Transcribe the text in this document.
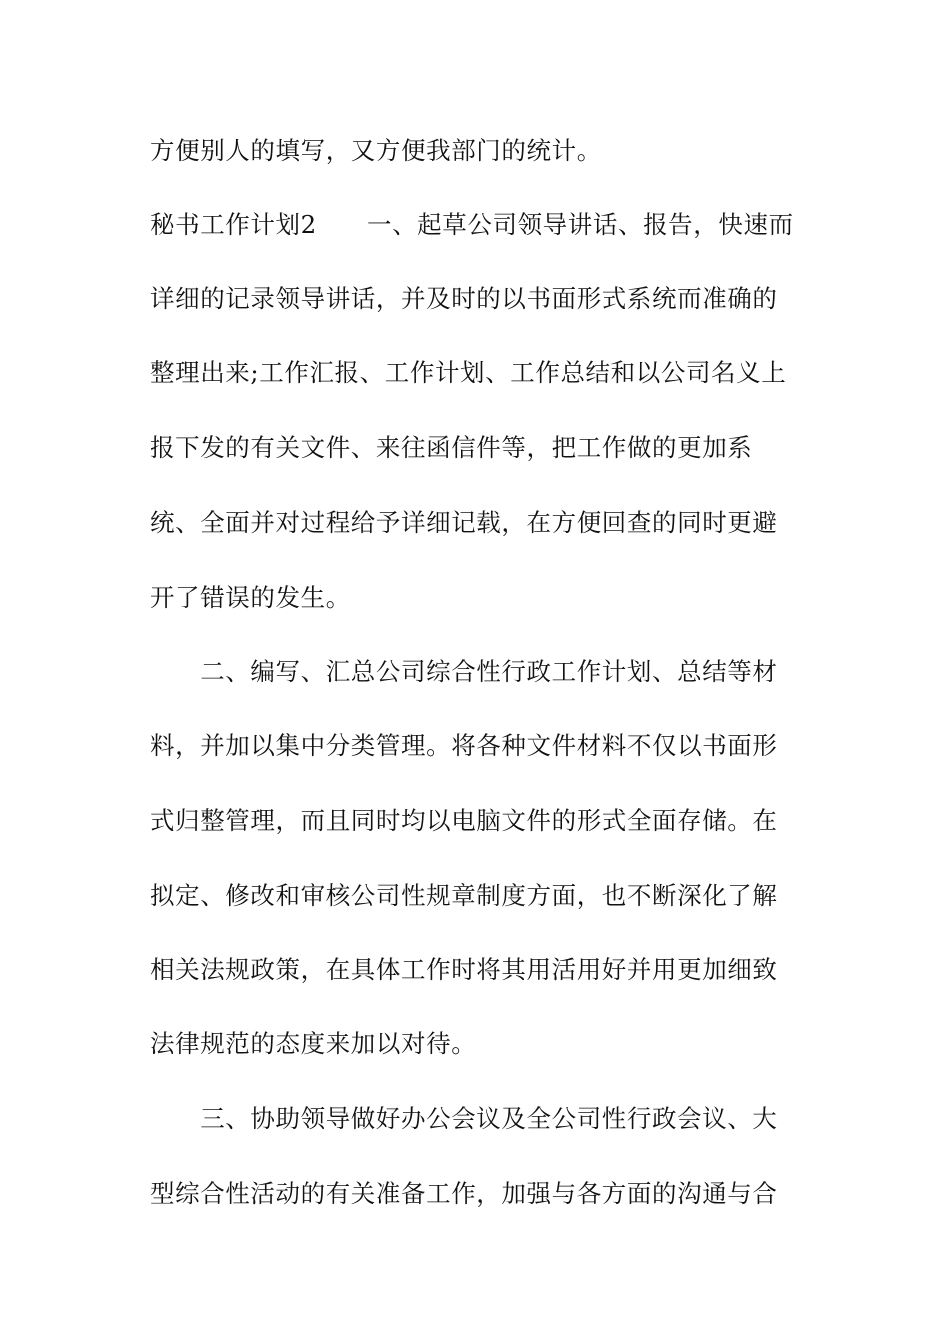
方便别人的填写，又方便我部门的统计。
秘书工作计划2　　一、起草公司领导讲话、报告，快速而
详细的记录领导讲话，并及时的以书面形式系统而准确的
整理出来;工作汇报、工作计划、工作总结和以公司名义上
报下发的有关文件、来往函信件等，把工作做的更加系
统、全面并对过程给予详细记载，在方便回查的同时更避
开了错误的发生。
　　二、编写、汇总公司综合性行政工作计划、总结等材
料，并加以集中分类管理。将各种文件材料不仅以书面形
式归整管理，而且同时均以电脑文件的形式全面存储。在
拟定、修改和审核公司性规章制度方面，也不断深化了解
相关法规政策，在具体工作时将其用活用好并用更加细致
法律规范的态度来加以对待。
　　三、协助领导做好办公会议及全公司性行政会议、大
型综合性活动的有关准备工作，加强与各方面的沟通与合
